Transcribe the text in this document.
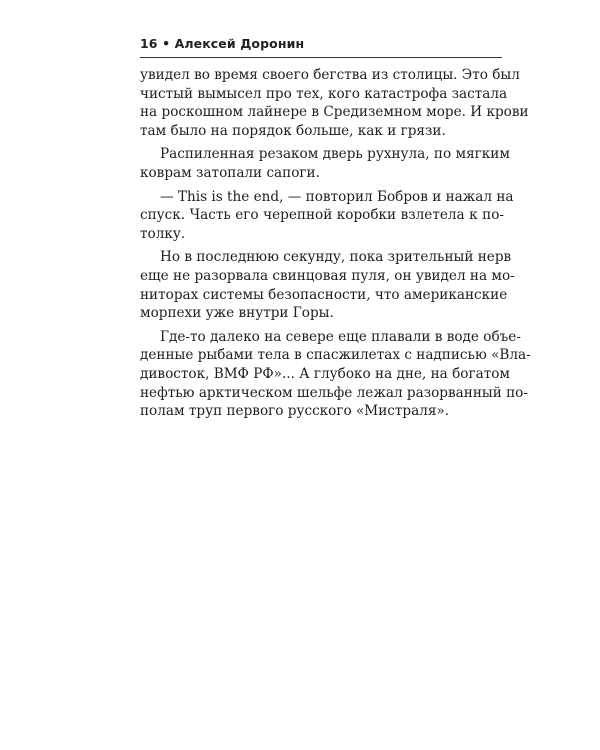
16 • Алексей Доронин
увидел во время своего бегства из столицы. Это был
чистый вымысел про тех, кого катастрофа застала
на роскошном лайнере в Средиземном море. И крови
там было на порядок больше, как и грязи.
Распиленная резаком дверь рухнула, по мягким
коврам затопали сапоги.
— This is the end, — повторил Бобров и нажал на
спуск. Часть его черепной коробки взлетела к по-
толку.
Но в последнюю секунду, пока зрительный нерв
еще не разорвала свинцовая пуля, он увидел на мо-
ниторах системы безопасности, что американские
морпехи уже внутри Горы.
Где-то далеко на севере еще плавали в воде объе-
денные рыбами тела в спасжилетах с надписью «Вла-
дивосток, ВМФ РФ»... А глубоко на дне, на богатом
нефтью арктическом шельфе лежал разорванный по-
полам труп первого русского «Мистраля».
